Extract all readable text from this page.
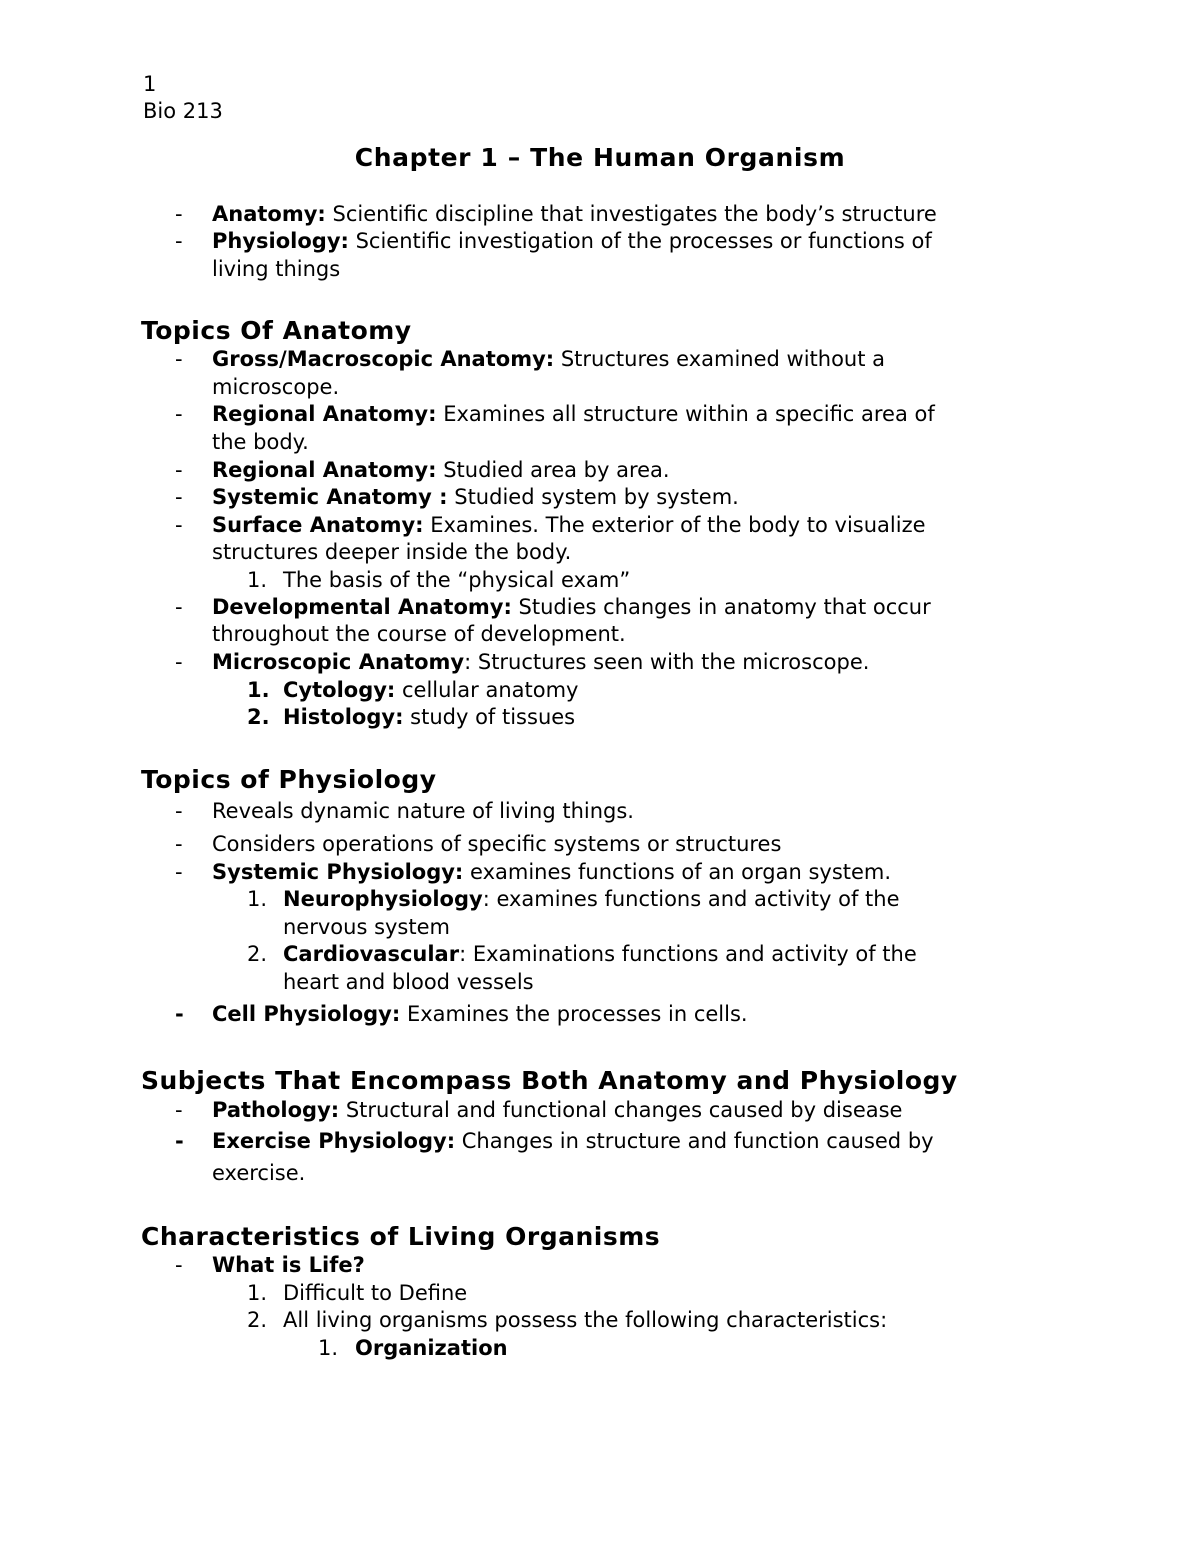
1
Bio 213
Chapter 1 – The Human Organism
- Anatomy: Scientific discipline that investigates the body’s structure
- Physiology: Scientific investigation of the processes or functions of
living things
Topics Of Anatomy
- Gross/Macroscopic Anatomy: Structures examined without a
microscope.
- Regional Anatomy: Examines all structure within a specific area of
the body.
- Regional Anatomy: Studied area by area.
- Systemic Anatomy : Studied system by system.
- Surface Anatomy: Examines. The exterior of the body to visualize
structures deeper inside the body.
1. The basis of the “physical exam”
- Developmental Anatomy: Studies changes in anatomy that occur
throughout the course of development.
- Microscopic Anatomy: Structures seen with the microscope.
1. Cytology: cellular anatomy
2. Histology: study of tissues
Topics of Physiology
- Reveals dynamic nature of living things.
- Considers operations of specific systems or structures
- Systemic Physiology: examines functions of an organ system.
1. Neurophysiology: examines functions and activity of the
nervous system
2. Cardiovascular: Examinations functions and activity of the
heart and blood vessels
- Cell Physiology: Examines the processes in cells.
Subjects That Encompass Both Anatomy and Physiology
- Pathology: Structural and functional changes caused by disease
- Exercise Physiology: Changes in structure and function caused by
exercise.
Characteristics of Living Organisms
- What is Life?
1. Difficult to Define
2. All living organisms possess the following characteristics:
1. Organization
